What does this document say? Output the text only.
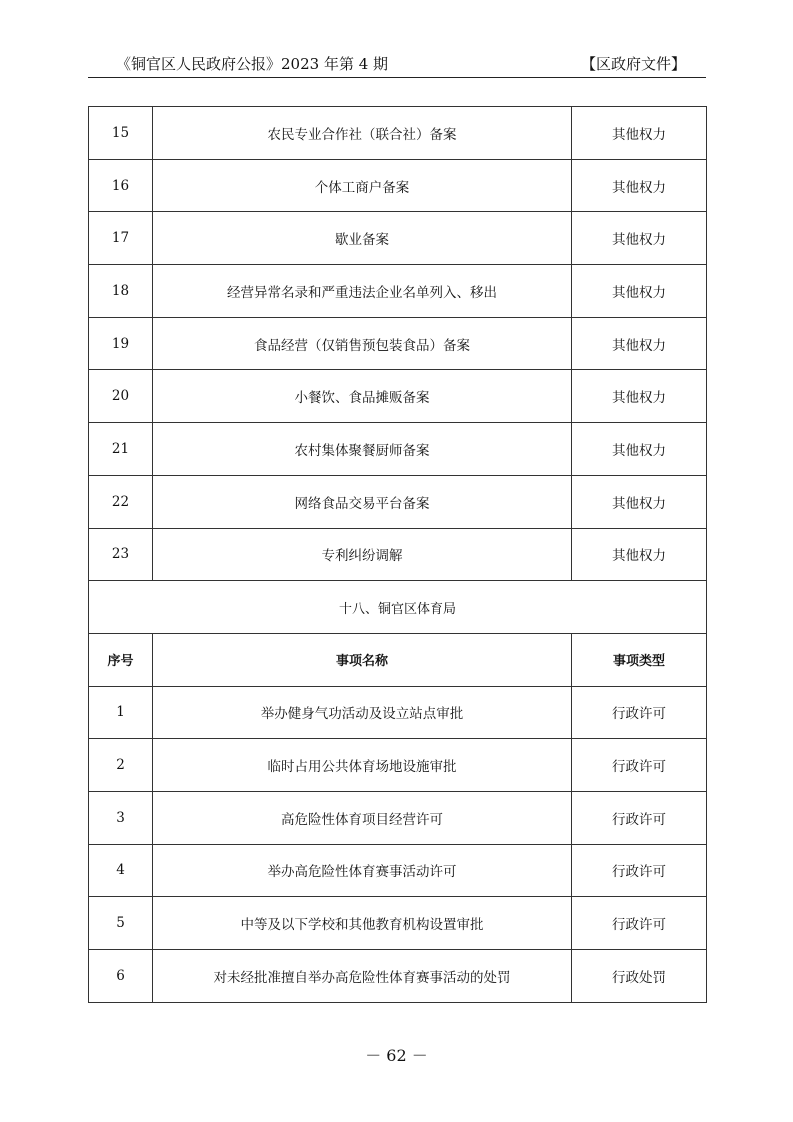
《铜官区人民政府公报》2023 年第 4 期	【区政府文件】
15	农民专业合作社（联合社）备案	其他权力
16	个体工商户备案	其他权力
17	歇业备案	其他权力
18	经营异常名录和严重违法企业名单列入、移出	其他权力
19	食品经营（仅销售预包装食品）备案	其他权力
20	小餐饮、食品摊贩备案	其他权力
21	农村集体聚餐厨师备案	其他权力
22	网络食品交易平台备案	其他权力
23	专利纠纷调解	其他权力
十八、铜官区体育局		
序号	事项名称	事项类型
1	举办健身气功活动及设立站点审批	行政许可
2	临时占用公共体育场地设施审批	行政许可
3	高危险性体育项目经营许可	行政许可
4	举办高危险性体育赛事活动许可	行政许可
5	中等及以下学校和其他教育机构设置审批	行政许可
6	对未经批准擅自举办高危险性体育赛事活动的处罚	行政处罚
－ 62 －
